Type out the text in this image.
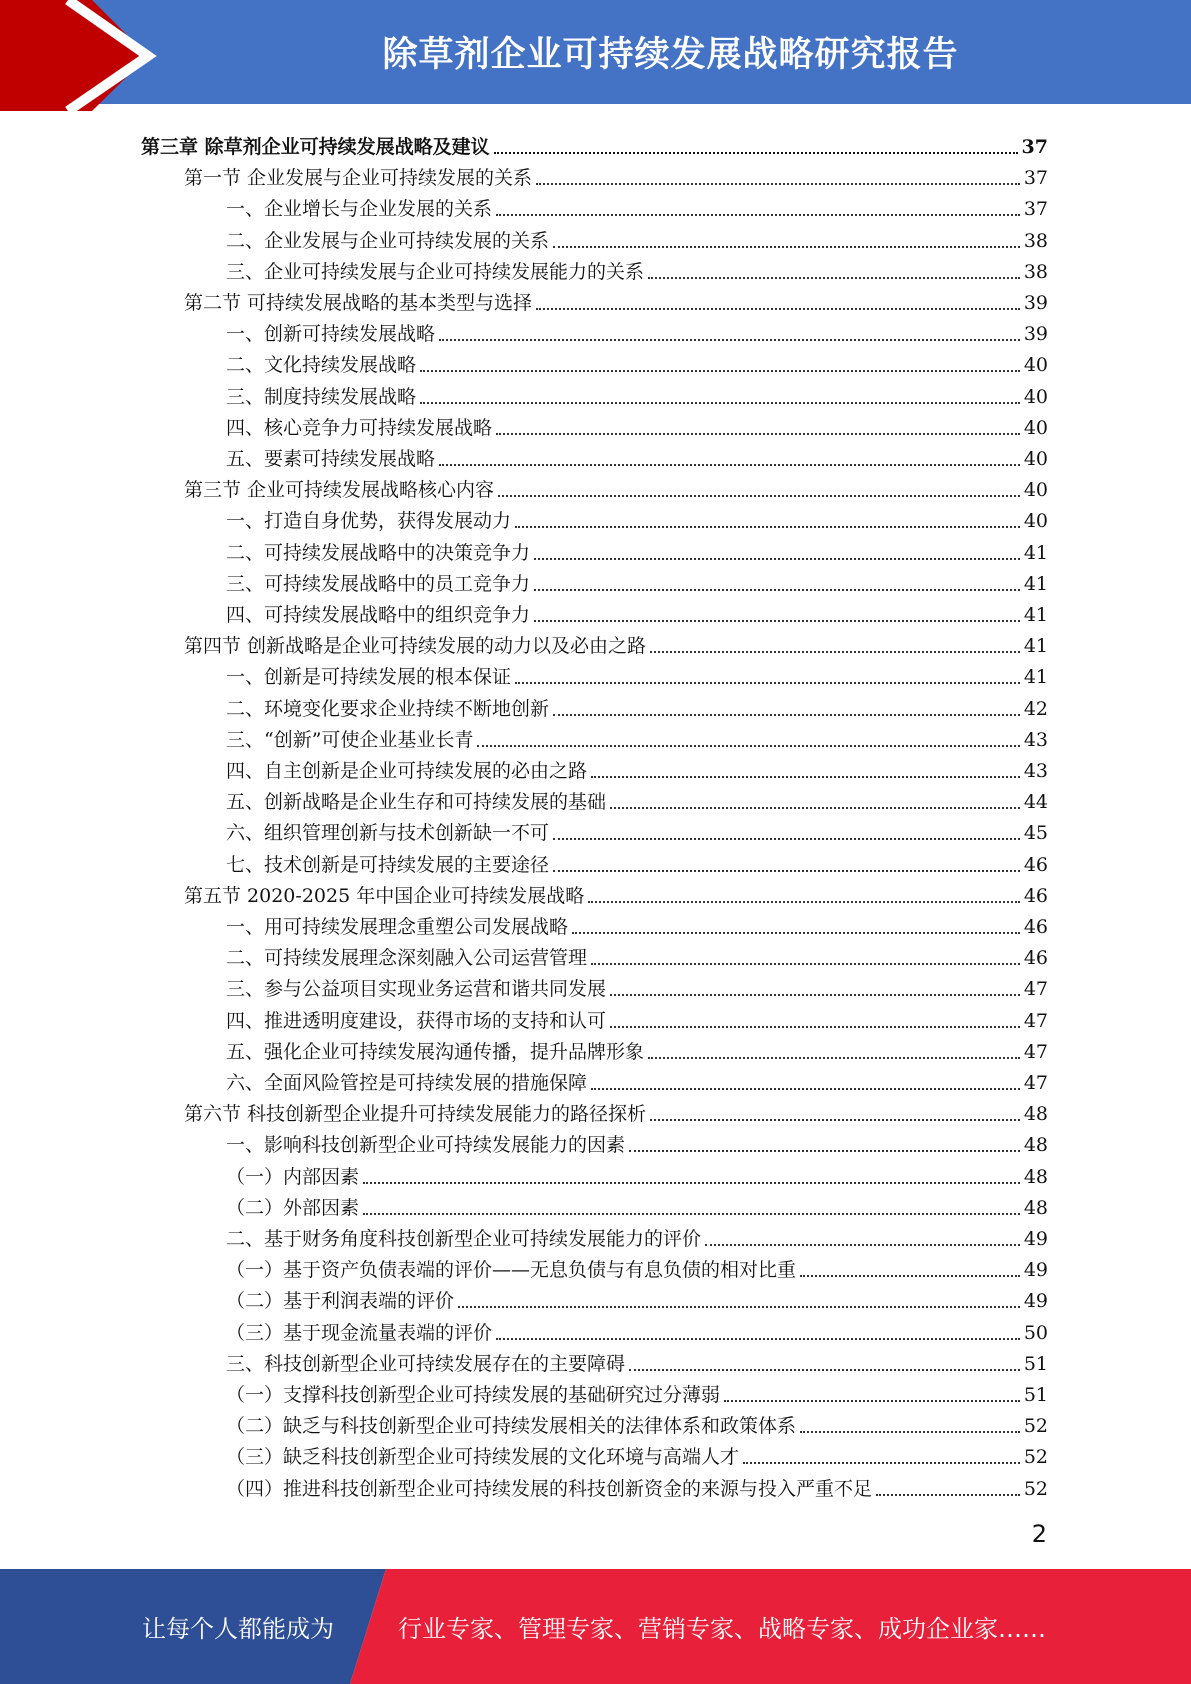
除草剂企业可持续发展战略研究报告
第三章 除草剂企业可持续发展战略及建议	37
第一节 企业发展与企业可持续发展的关系	37
一、企业增长与企业发展的关系	37
二、企业发展与企业可持续发展的关系	38
三、企业可持续发展与企业可持续发展能力的关系	38
第二节 可持续发展战略的基本类型与选择	39
一、创新可持续发展战略	39
二、文化持续发展战略	40
三、制度持续发展战略	40
四、核心竞争力可持续发展战略	40
五、要素可持续发展战略	40
第三节 企业可持续发展战略核心内容	40
一、打造自身优势，获得发展动力	40
二、可持续发展战略中的决策竞争力	41
三、可持续发展战略中的员工竞争力	41
四、可持续发展战略中的组织竞争力	41
第四节 创新战略是企业可持续发展的动力以及必由之路	41
一、创新是可持续发展的根本保证	41
二、环境变化要求企业持续不断地创新	42
三、“创新”可使企业基业长青	43
四、自主创新是企业可持续发展的必由之路	43
五、创新战略是企业生存和可持续发展的基础	44
六、组织管理创新与技术创新缺一不可	45
七、技术创新是可持续发展的主要途径	46
第五节 2020-2025 年中国企业可持续发展战略	46
一、用可持续发展理念重塑公司发展战略	46
二、可持续发展理念深刻融入公司运营管理	46
三、参与公益项目实现业务运营和谐共同发展	47
四、推进透明度建设，获得市场的支持和认可	47
五、强化企业可持续发展沟通传播，提升品牌形象	47
六、全面风险管控是可持续发展的措施保障	47
第六节 科技创新型企业提升可持续发展能力的路径探析	48
一、影响科技创新型企业可持续发展能力的因素	48
（一）内部因素	48
（二）外部因素	48
二、基于财务角度科技创新型企业可持续发展能力的评价	49
（一）基于资产负债表端的评价——无息负债与有息负债的相对比重	49
（二）基于利润表端的评价	49
（三）基于现金流量表端的评价	50
三、科技创新型企业可持续发展存在的主要障碍	51
（一）支撑科技创新型企业可持续发展的基础研究过分薄弱	51
（二）缺乏与科技创新型企业可持续发展相关的法律体系和政策体系	52
（三）缺乏科技创新型企业可持续发展的文化环境与高端人才	52
（四）推进科技创新型企业可持续发展的科技创新资金的来源与投入严重不足	52
2
让每个人都能成为	行业专家、管理专家、营销专家、战略专家、成功企业家……
